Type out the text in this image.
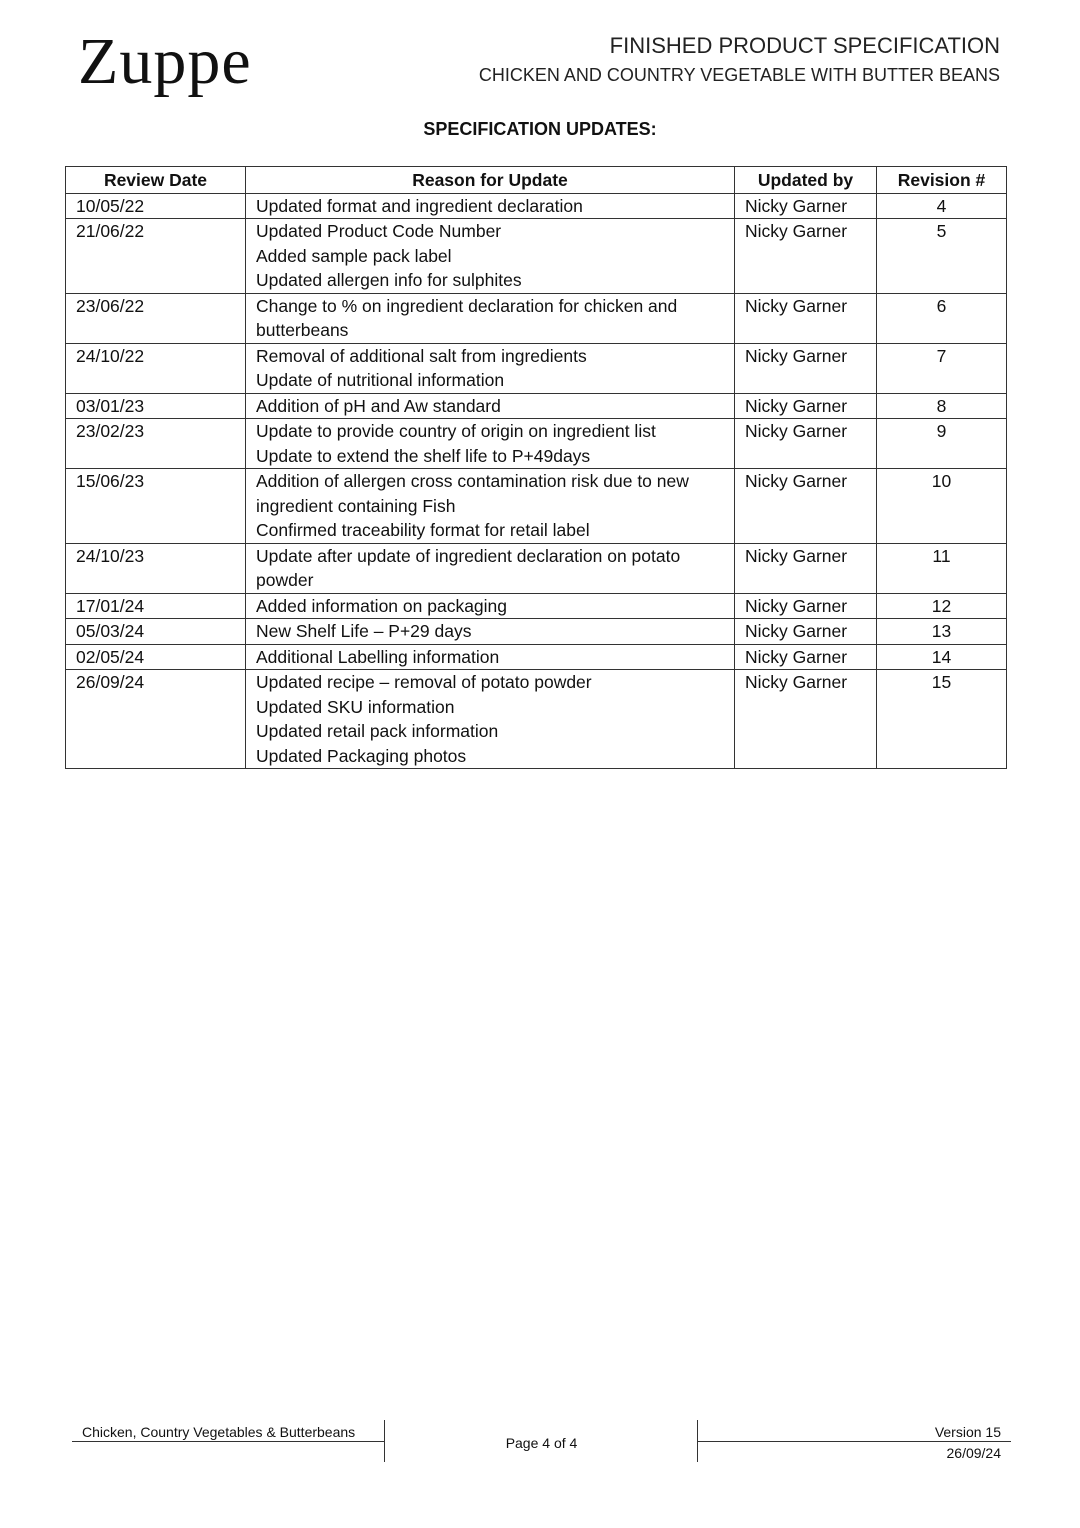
Zuppe	FINISHED PRODUCT SPECIFICATION
CHICKEN AND COUNTRY VEGETABLE WITH BUTTER BEANS
SPECIFICATION UPDATES:
Review Date	Reason for Update	Updated by	Revision #
10/05/22	Updated format and ingredient declaration	Nicky Garner	4
21/06/22	Updated Product Code Number
Added sample pack label
Updated allergen info for sulphites	Nicky Garner	5
23/06/22	Change to % on ingredient declaration for chicken and butterbeans	Nicky Garner	6
24/10/22	Removal of additional salt from ingredients
Update of nutritional information	Nicky Garner	7
03/01/23	Addition of pH and Aw standard	Nicky Garner	8
23/02/23	Update to provide country of origin on ingredient list
Update to extend the shelf life to P+49days	Nicky Garner	9
15/06/23	Addition of allergen cross contamination risk due to new ingredient containing Fish
Confirmed traceability format for retail label	Nicky Garner	10
24/10/23	Update after update of ingredient declaration on potato powder	Nicky Garner	11
17/01/24	Added information on packaging	Nicky Garner	12
05/03/24	New Shelf Life – P+29 days	Nicky Garner	13
02/05/24	Additional Labelling information	Nicky Garner	14
26/09/24	Updated recipe – removal of potato powder
Updated SKU information
Updated retail pack information
Updated Packaging photos	Nicky Garner	15
Chicken, Country Vegetables & Butterbeans
Page 4 of 4
Version 15
26/09/24
